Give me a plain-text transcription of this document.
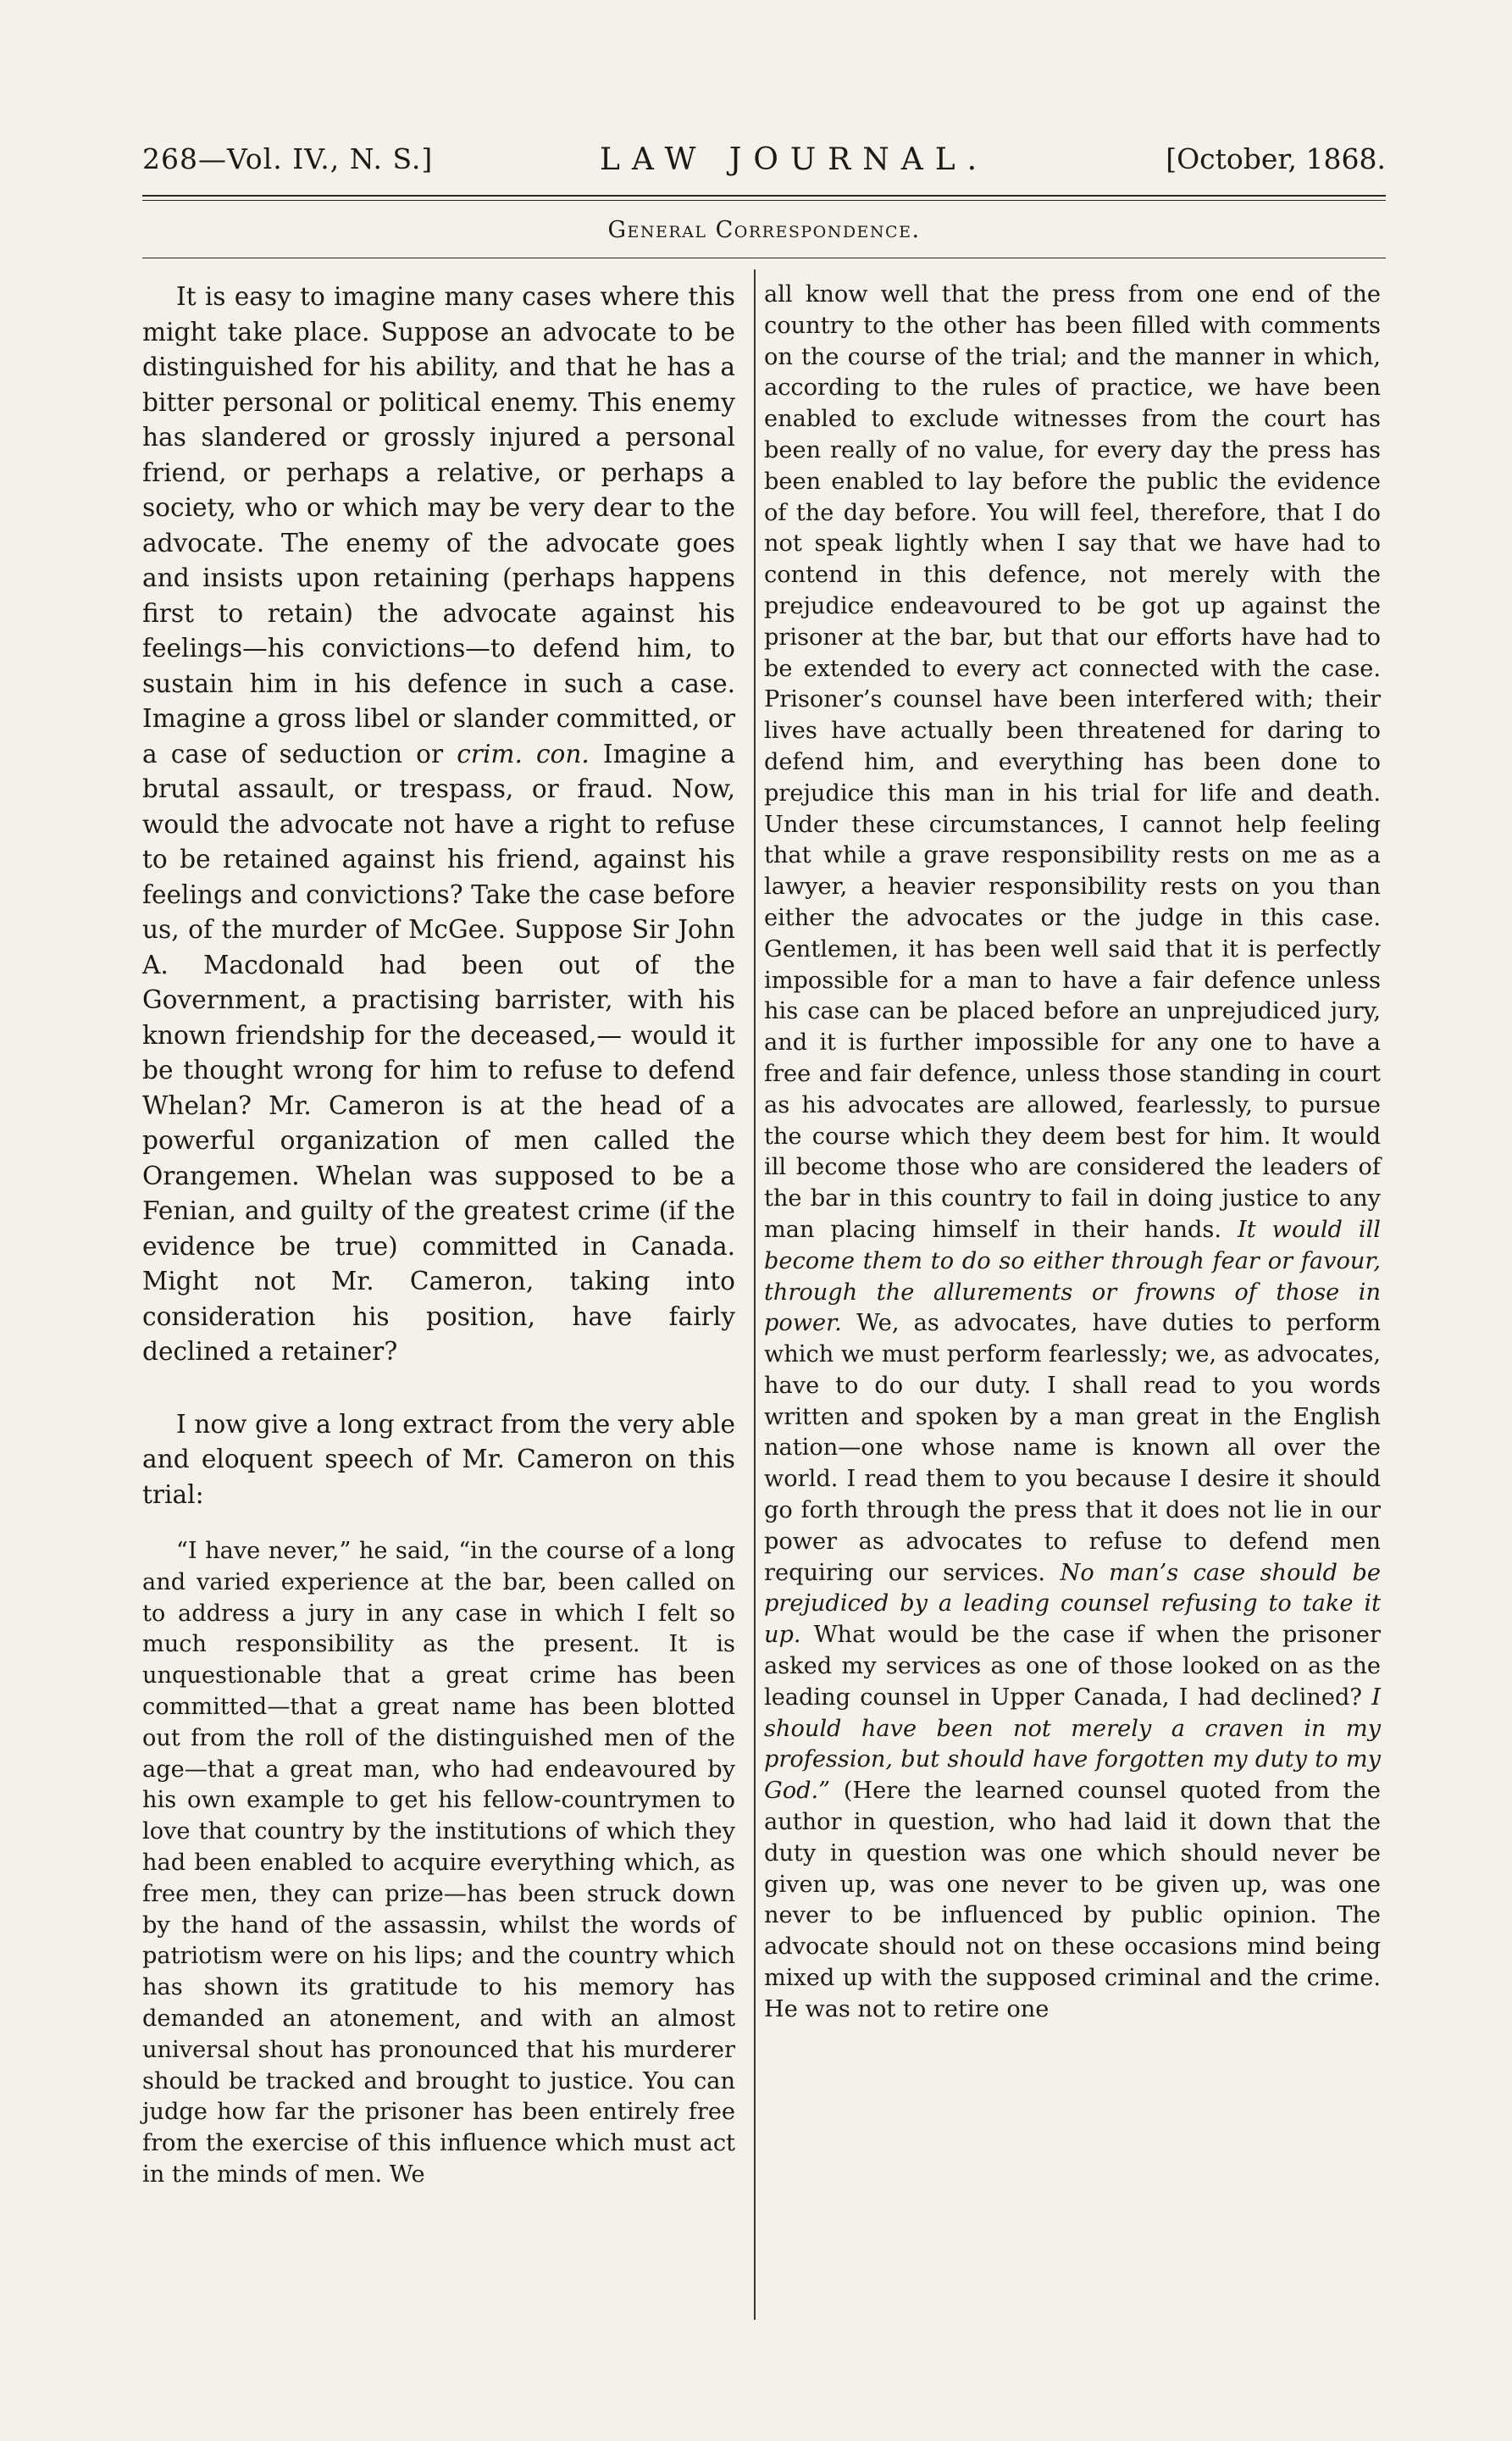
268—Vol. IV., N. S.]	LAW JOURNAL.	[October, 1868.
General Correspondence.

It is easy to imagine many cases where this might take place. Suppose an advocate to be distinguished for his ability, and that he has a bitter personal or political enemy. This enemy has slandered or grossly injured a personal friend, or perhaps a relative, or perhaps a society, who or which may be very dear to the advocate. The enemy of the advocate goes and insists upon retaining (perhaps happens first to retain) the advocate against his feelings—his convictions—to defend him, to sustain him in his defence in such a case. Imagine a gross libel or slander committed, or a case of seduction or crim. con. Imagine a brutal assault, or trespass, or fraud. Now, would the advocate not have a right to refuse to be retained against his friend, against his feelings and convictions? Take the case before us, of the murder of McGee. Suppose Sir John A. Macdonald had been out of the Government, a practising barrister, with his known friendship for the deceased,— would it be thought wrong for him to refuse to defend Whelan? Mr. Cameron is at the head of a powerful organization of men called the Orangemen. Whelan was supposed to be a Fenian, and guilty of the greatest crime (if the evidence be true) committed in Canada. Might not Mr. Cameron, taking into consideration his position, have fairly declined a retainer?

I now give a long extract from the very able and eloquent speech of Mr. Cameron on this trial:

“I have never,” he said, “in the course of a long and varied experience at the bar, been called on to address a jury in any case in which I felt so much responsibility as the present. It is unquestionable that a great crime has been committed—that a great name has been blotted out from the roll of the distinguished men of the age—that a great man, who had endeavoured by his own example to get his fellow-countrymen to love that country by the institutions of which they had been enabled to acquire everything which, as free men, they can prize—has been struck down by the hand of the assassin, whilst the words of patriotism were on his lips; and the country which has shown its gratitude to his memory has demanded an atonement, and with an almost universal shout has pronounced that his murderer should be tracked and brought to justice. You can judge how far the prisoner has been entirely free from the exercise of this influence which must act in the minds of men. We

all know well that the press from one end of the country to the other has been filled with comments on the course of the trial; and the manner in which, according to the rules of practice, we have been enabled to exclude witnesses from the court has been really of no value, for every day the press has been enabled to lay before the public the evidence of the day before. You will feel, therefore, that I do not speak lightly when I say that we have had to contend in this defence, not merely with the prejudice endeavoured to be got up against the prisoner at the bar, but that our efforts have had to be extended to every act connected with the case. Prisoner’s counsel have been interfered with; their lives have actually been threatened for daring to defend him, and everything has been done to prejudice this man in his trial for life and death. Under these circumstances, I cannot help feeling that while a grave responsibility rests on me as a lawyer, a heavier responsibility rests on you than either the advocates or the judge in this case. Gentlemen, it has been well said that it is perfectly impossible for a man to have a fair defence unless his case can be placed before an unprejudiced jury, and it is further impossible for any one to have a free and fair defence, unless those standing in court as his advocates are allowed, fearlessly, to pursue the course which they deem best for him. It would ill become those who are considered the leaders of the bar in this country to fail in doing justice to any man placing himself in their hands. It would ill become them to do so either through fear or favour, through the allurements or frowns of those in power. We, as advocates, have duties to perform which we must perform fearlessly; we, as advocates, have to do our duty. I shall read to you words written and spoken by a man great in the English nation—one whose name is known all over the world. I read them to you because I desire it should go forth through the press that it does not lie in our power as advocates to refuse to defend men requiring our services. No man’s case should be prejudiced by a leading counsel refusing to take it up. What would be the case if when the prisoner asked my services as one of those looked on as the leading counsel in Upper Canada, I had declined? I should have been not merely a craven in my profession, but should have forgotten my duty to my God.” (Here the learned counsel quoted from the author in question, who had laid it down that the duty in question was one which should never be given up, was one never to be given up, was one never to be influenced by public opinion. The advocate should not on these occasions mind being mixed up with the supposed criminal and the crime. He was not to retire one
